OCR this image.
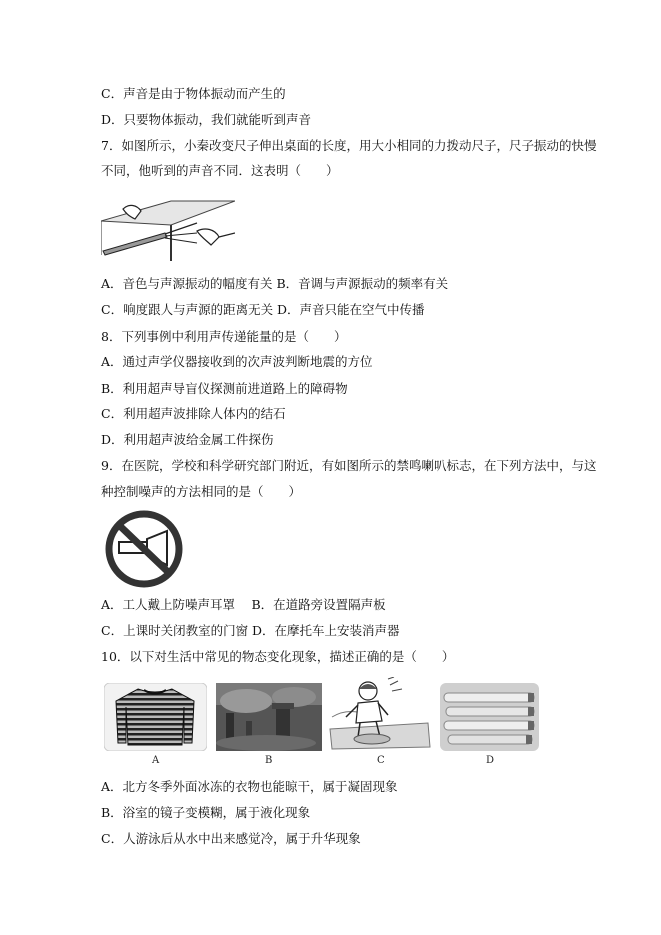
C．声音是由于物体振动而产生的
D．只要物体振动，我们就能听到声音
7．如图所示，小秦改变尺子伸出桌面的长度，用大小相同的力拨动尺子，尺子振动的快慢
不同，他听到的声音不同．这表明（　　）
A．音色与声源振动的幅度有关 B．音调与声源振动的频率有关
C．响度跟人与声源的距离无关 D．声音只能在空气中传播
8．下列事例中利用声传递能量的是（　　）
A．通过声学仪器接收到的次声波判断地震的方位
B．利用超声导盲仪探测前进道路上的障碍物
C．利用超声波排除人体内的结石
D．利用超声波给金属工件探伤
9．在医院，学校和科学研究部门附近，有如图所示的禁鸣喇叭标志，在下列方法中，与这
种控制噪声的方法相同的是（　　）
A．工人戴上防噪声耳罩　 B．在道路旁设置隔声板
C．上课时关闭教室的门窗 D．在摩托车上安装消声器
10．以下对生活中常见的物态变化现象，描述正确的是（　　）
A	B	C	D
A．北方冬季外面冰冻的衣物也能晾干，属于凝固现象
B．浴室的镜子变模糊，属于液化现象
C．人游泳后从水中出来感觉冷，属于升华现象
